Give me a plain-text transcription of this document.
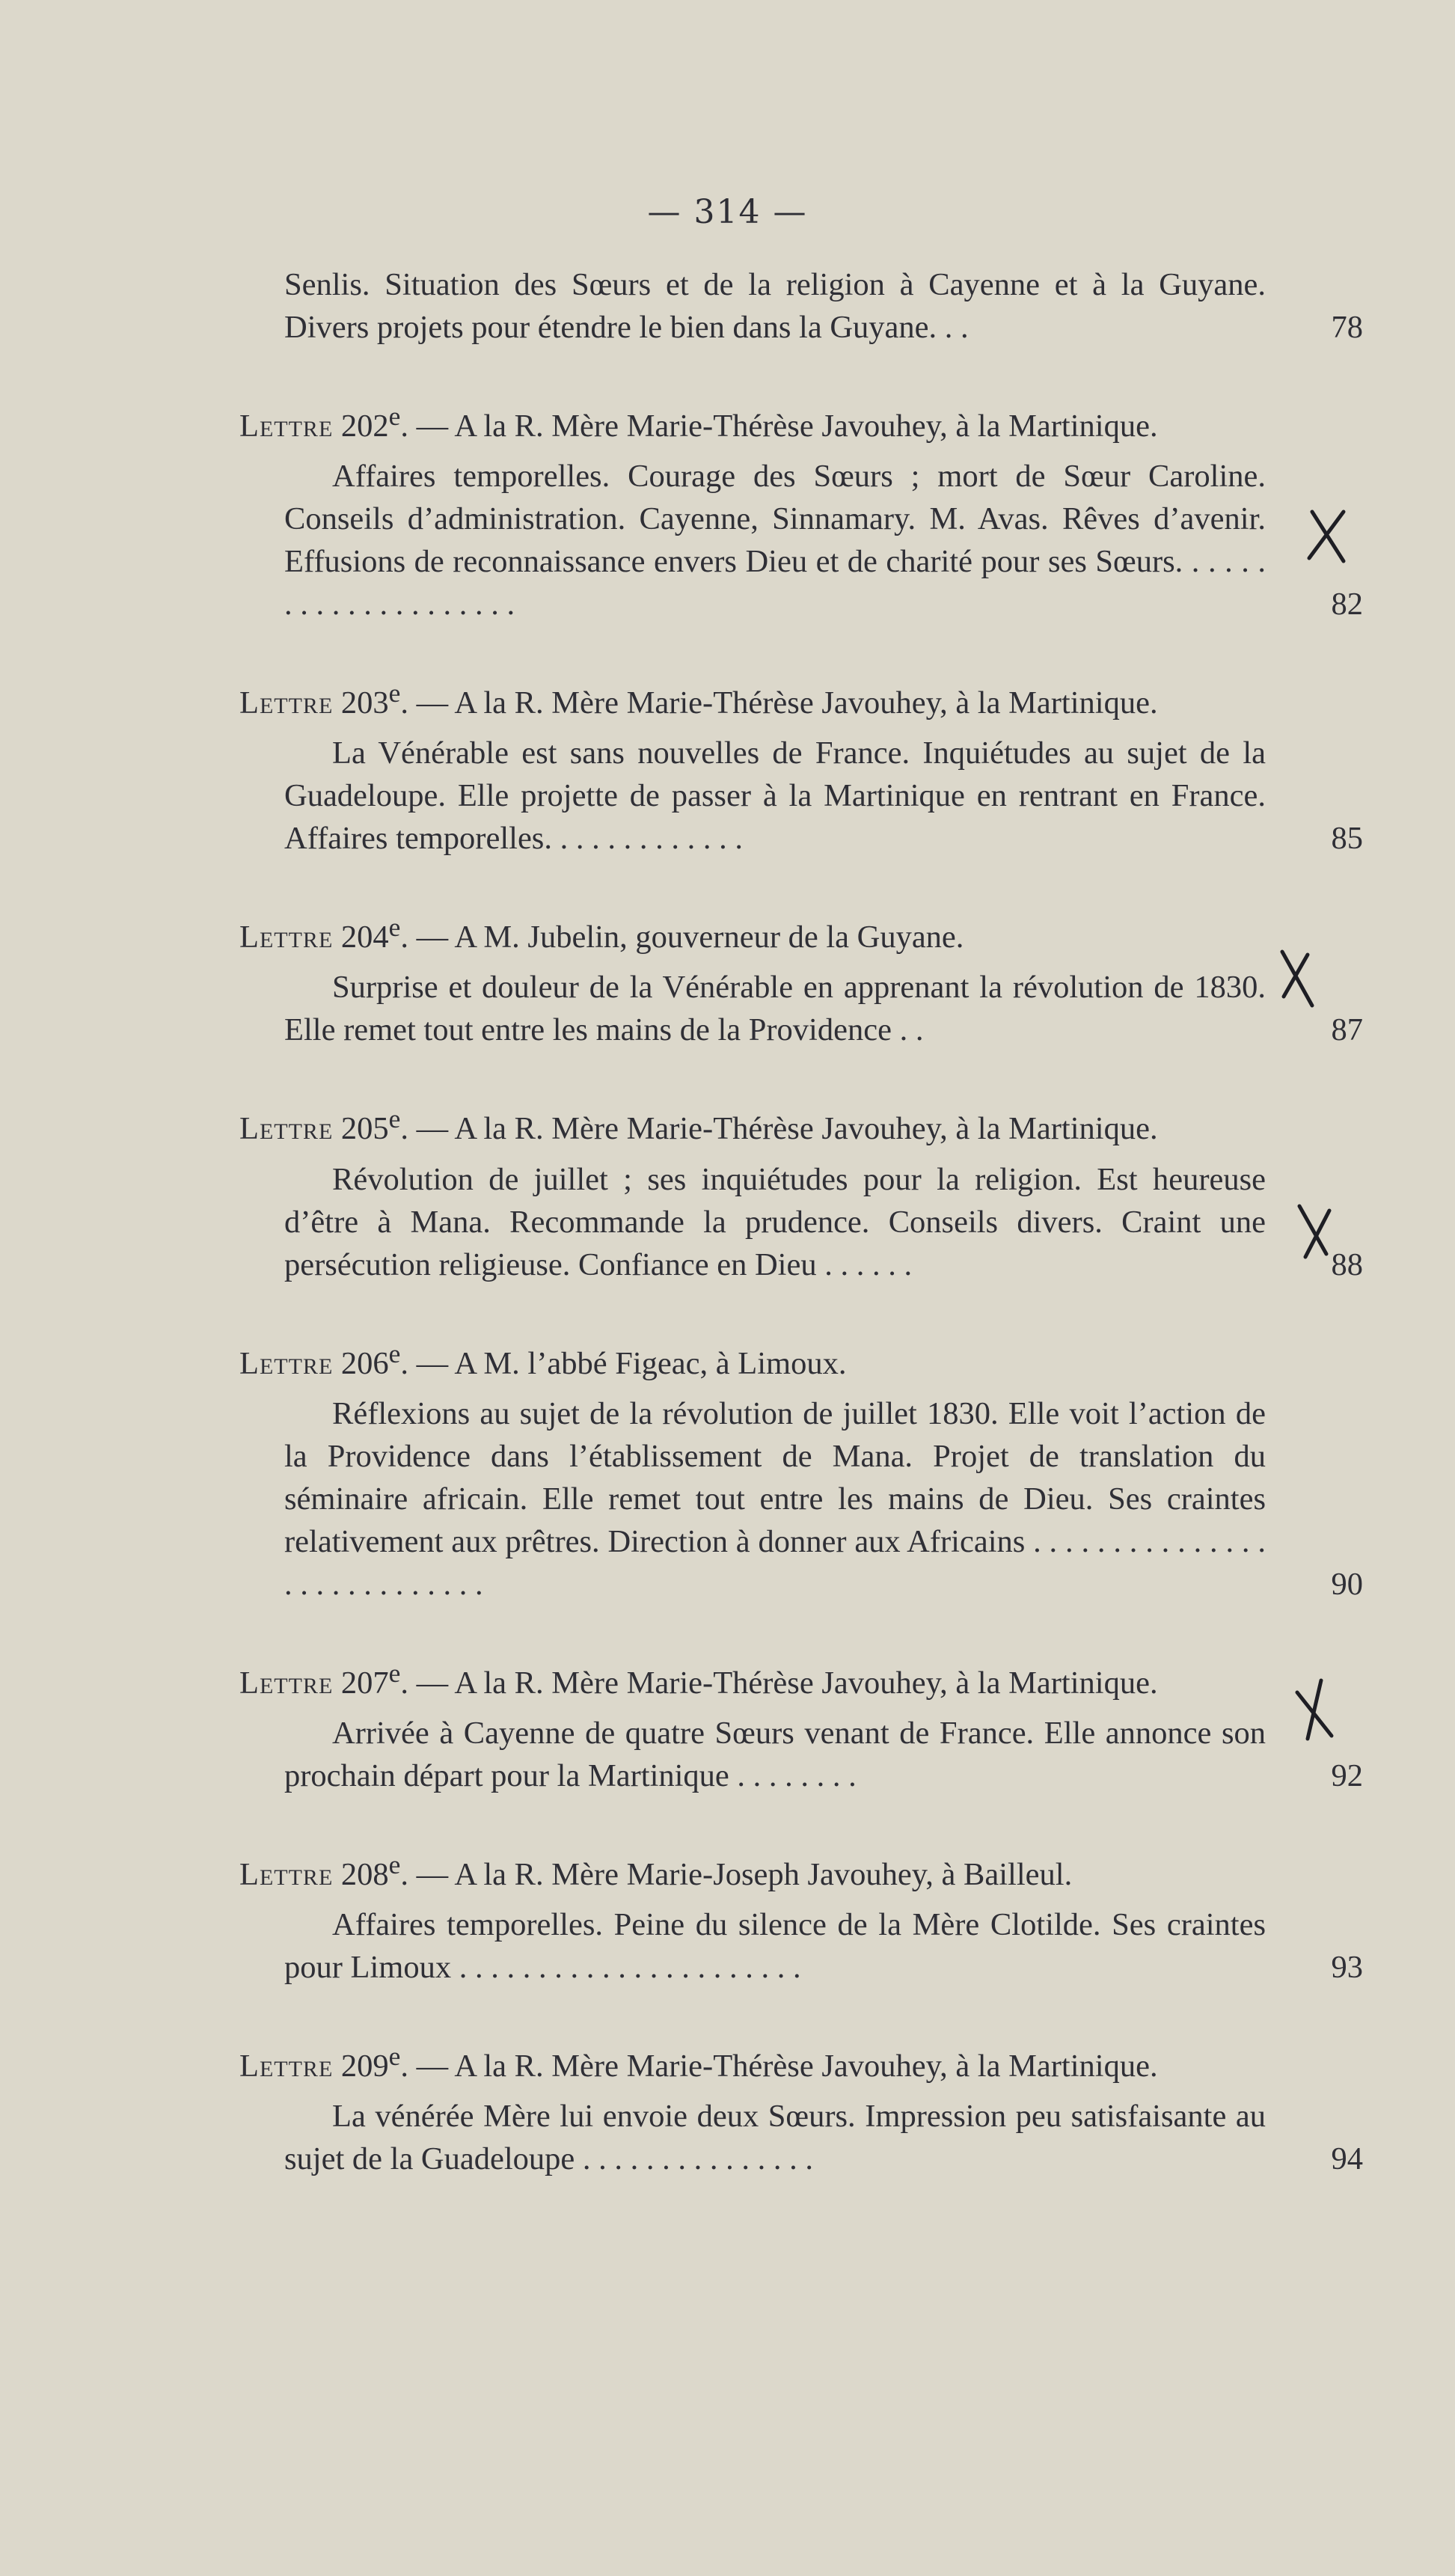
— 314 —
Senlis. Situation des Sœurs et de la religion à Cayenne et à la Guyane. Divers projets pour étendre le bien dans la Guyane. . .	78
Lettre 202e. — A la R. Mère Marie-Thérèse Javouhey, à la Martinique.
Affaires temporelles. Courage des Sœurs ; mort de Sœur Caroline. Conseils d’administration. Cayenne, Sinnamary. M. Avas. Rêves d’avenir. Effusions de reconnaissance envers Dieu et de charité pour ses Sœurs. . . . . . . . . . . . . . . . . . . . .	82
Lettre 203e. — A la R. Mère Marie-Thérèse Javouhey, à la Martinique.
La Vénérable est sans nouvelles de France. Inquiétudes au sujet de la Guadeloupe. Elle projette de passer à la Martinique en rentrant en France. Affaires temporelles. . . . . . . . . . . . .	85
Lettre 204e. — A M. Jubelin, gouverneur de la Guyane.
Surprise et douleur de la Vénérable en apprenant la révolution de 1830. Elle remet tout entre les mains de la Providence . .	87
Lettre 205e. — A la R. Mère Marie-Thérèse Javouhey, à la Martinique.
Révolution de juillet ; ses inquiétudes pour la religion. Est heureuse d’être à Mana. Recommande la prudence. Conseils divers. Craint une persécution religieuse. Confiance en Dieu . . . . . .	88
Lettre 206e. — A M. l’abbé Figeac, à Limoux.
Réflexions au sujet de la révolution de juillet 1830. Elle voit l’action de la Providence dans l’établissement de Mana. Projet de translation du séminaire africain. Elle remet tout entre les mains de Dieu. Ses craintes relativement aux prêtres. Direction à donner aux Africains . . . . . . . . . . . . . . . . . . . . . . . . . . . .	90
Lettre 207e. — A la R. Mère Marie-Thérèse Javouhey, à la Martinique.
Arrivée à Cayenne de quatre Sœurs venant de France. Elle annonce son prochain départ pour la Martinique . . . . . . . .	92
Lettre 208e. — A la R. Mère Marie-Joseph Javouhey, à Bailleul.
Affaires temporelles. Peine du silence de la Mère Clotilde. Ses craintes pour Limoux . . . . . . . . . . . . . . . . . . . . . .	93
Lettre 209e. — A la R. Mère Marie-Thérèse Javouhey, à la Martinique.
La vénérée Mère lui envoie deux Sœurs. Impression peu satisfaisante au sujet de la Guadeloupe . . . . . . . . . . . . . . .	94
